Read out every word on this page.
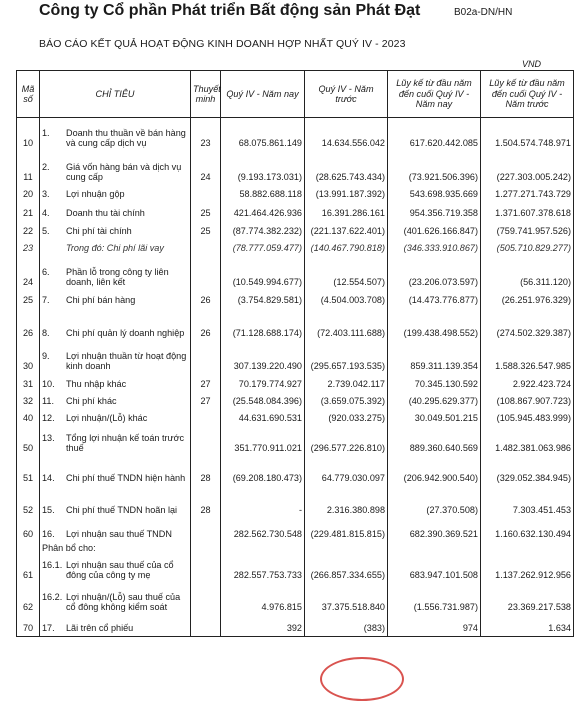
Công ty Cổ phần Phát triển Bất động sản Phát Đạt	B02a-DN/HN
BÁO CÁO KẾT QUẢ HOẠT ĐỘNG KINH DOANH HỢP NHẤT QUÝ IV - 2023
VND
Mã số	CHỈ TIÊU	Thuyết minh	Quý IV - Năm nay	Quý IV - Năm trước	Lũy kế từ đầu năm đến cuối Quý IV - Năm nay	Lũy kế từ đầu năm đến cuối Quý IV - Năm trước
10	1. Doanh thu thuần về bán hàng và cung cấp dịch vụ	23	68.075.861.149	14.634.556.042	617.620.442.085	1.504.574.748.971
11	2. Giá vốn hàng bán và dịch vụ cung cấp	24	(9.193.173.031)	(28.625.743.434)	(73.921.506.396)	(227.303.005.242)
20	3. Lợi nhuận gộp		58.882.688.118	(13.991.187.392)	543.698.935.669	1.277.271.743.729
21	4. Doanh thu tài chính	25	421.464.426.936	16.391.286.161	954.356.719.358	1.371.607.378.618
22	5. Chi phí tài chính	25	(87.774.382.232)	(221.137.622.401)	(401.626.166.847)	(759.741.957.526)
23	Trong đó: Chi phí lãi vay		(78.777.059.477)	(140.467.790.818)	(346.333.910.867)	(505.710.829.277)
24	6. Phần lỗ trong công ty liên doanh, liên kết		(10.549.994.677)	(12.554.507)	(23.206.073.597)	(56.311.120)
25	7. Chi phí bán hàng	26	(3.754.829.581)	(4.504.003.708)	(14.473.776.877)	(26.251.976.329)
26	8. Chi phí quản lý doanh nghiệp	26	(71.128.688.174)	(72.403.111.688)	(199.438.498.552)	(274.502.329.387)
30	9. Lợi nhuận thuần từ hoạt động kinh doanh		307.139.220.490	(295.657.193.535)	859.311.139.354	1.588.326.547.985
31	10. Thu nhập khác	27	70.179.774.927	2.739.042.117	70.345.130.592	2.922.423.724
32	11. Chi phí khác	27	(25.548.084.396)	(3.659.075.392)	(40.295.629.377)	(108.867.907.723)
40	12. Lợi nhuận/(Lỗ) khác		44.631.690.531	(920.033.275)	30.049.501.215	(105.945.483.999)
50	13. Tổng lợi nhuận kế toán trước thuế		351.770.911.021	(296.577.226.810)	889.360.640.569	1.482.381.063.986
51	14. Chi phí thuế TNDN hiện hành	28	(69.208.180.473)	64.779.030.097	(206.942.900.540)	(329.052.384.945)
52	15. Chi phí thuế TNDN hoãn lại	28	-	2.316.380.898	(27.370.508)	7.303.451.453
60	16. Lợi nhuận sau thuế TNDN		282.562.730.548	(229.481.815.815)	682.390.369.521	1.160.632.130.494

	Phân bổ cho:					

61	16.1. Lợi nhuận sau thuế của cổ đông của công ty mẹ		282.557.753.733	(266.857.334.655)	683.947.101.508	1.137.262.912.956
62	16.2. Lợi nhuận/(Lỗ) sau thuế của cổ đông không kiểm soát		4.976.815	37.375.518.840	(1.556.731.987)	23.369.217.538
70	17. Lãi trên cổ phiếu		392	(383)	974	1.634
